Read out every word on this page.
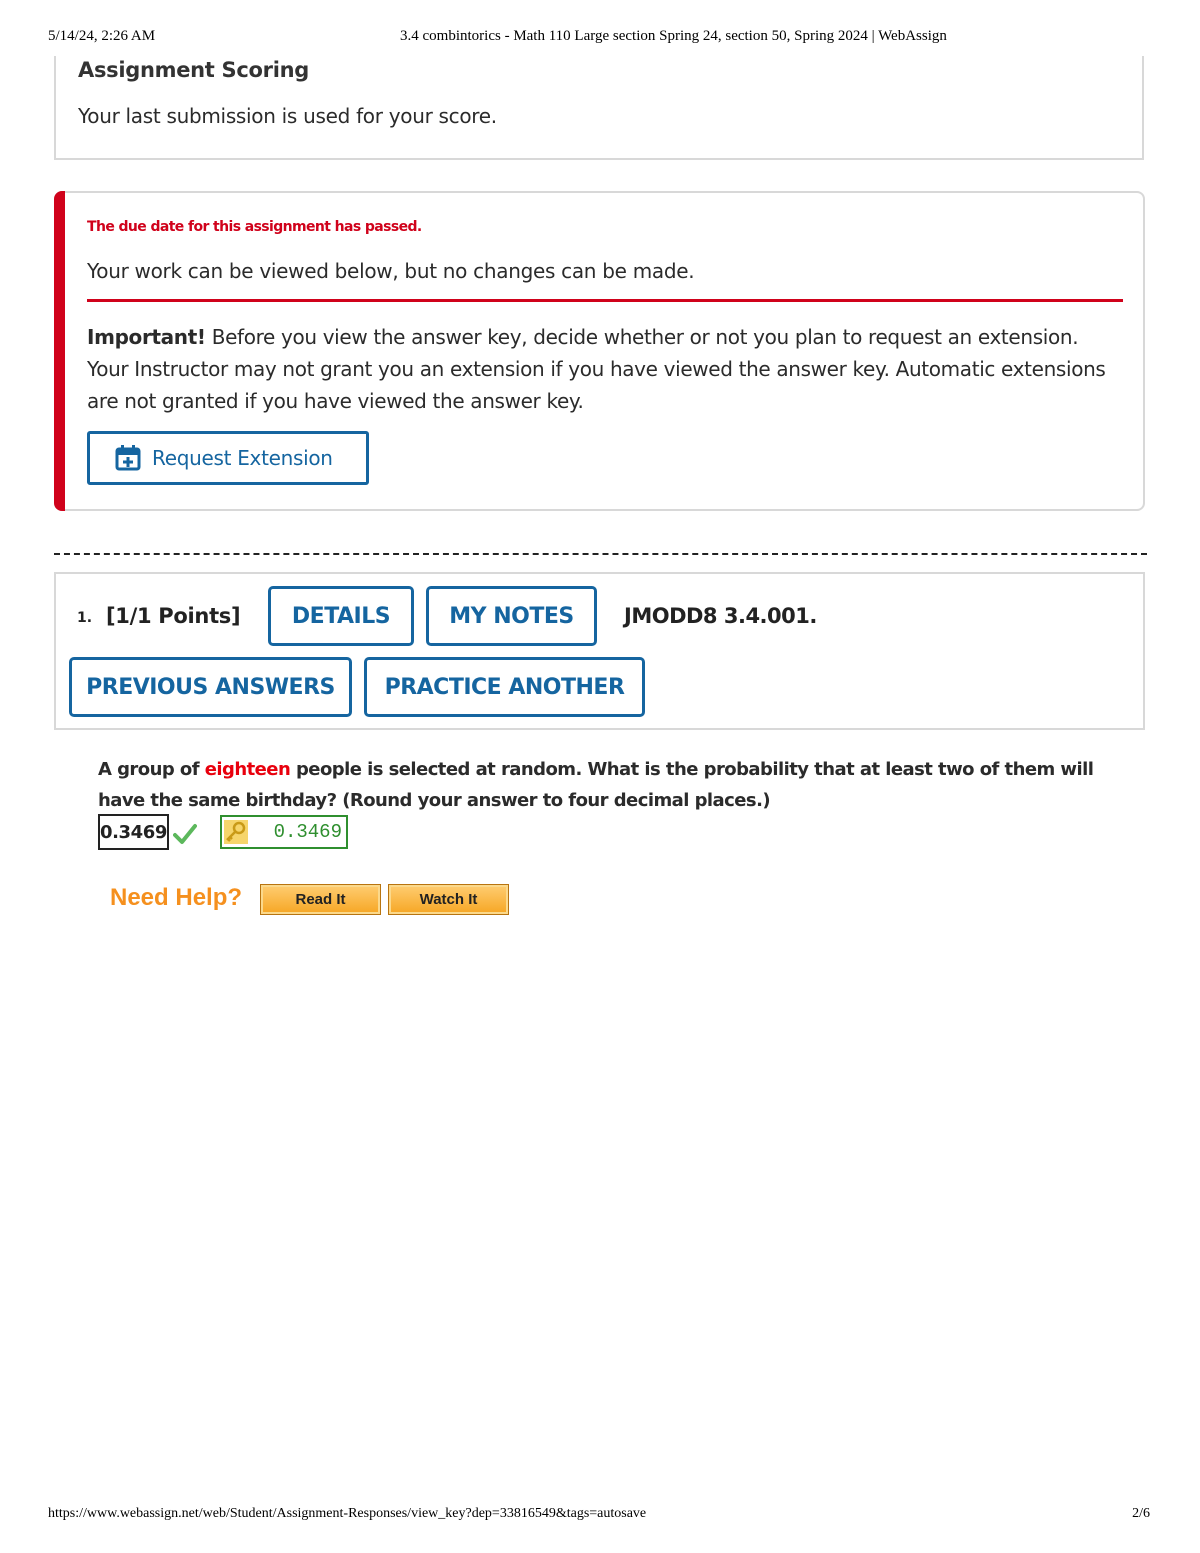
5/14/24, 2:26 AM	3.4 combintorics - Math 110 Large section Spring 24, section 50, Spring 2024 | WebAssign
Assignment Scoring
Your last submission is used for your score.
The due date for this assignment has passed.
Your work can be viewed below, but no changes can be made.
Important! Before you view the answer key, decide whether or not you plan to request an extension. Your Instructor may not grant you an extension if you have viewed the answer key. Automatic extensions are not granted if you have viewed the answer key.
Request Extension
1. [1/1 Points]	DETAILS	MY NOTES	JMODD8 3.4.001.
PREVIOUS ANSWERS	PRACTICE ANOTHER
A group of eighteen people is selected at random. What is the probability that at least two of them will have the same birthday? (Round your answer to four decimal places.)
0.3469	0.3469
Need Help?	Read It	Watch It
https://www.webassign.net/web/Student/Assignment-Responses/view_key?dep=33816549&tags=autosave	2/6
